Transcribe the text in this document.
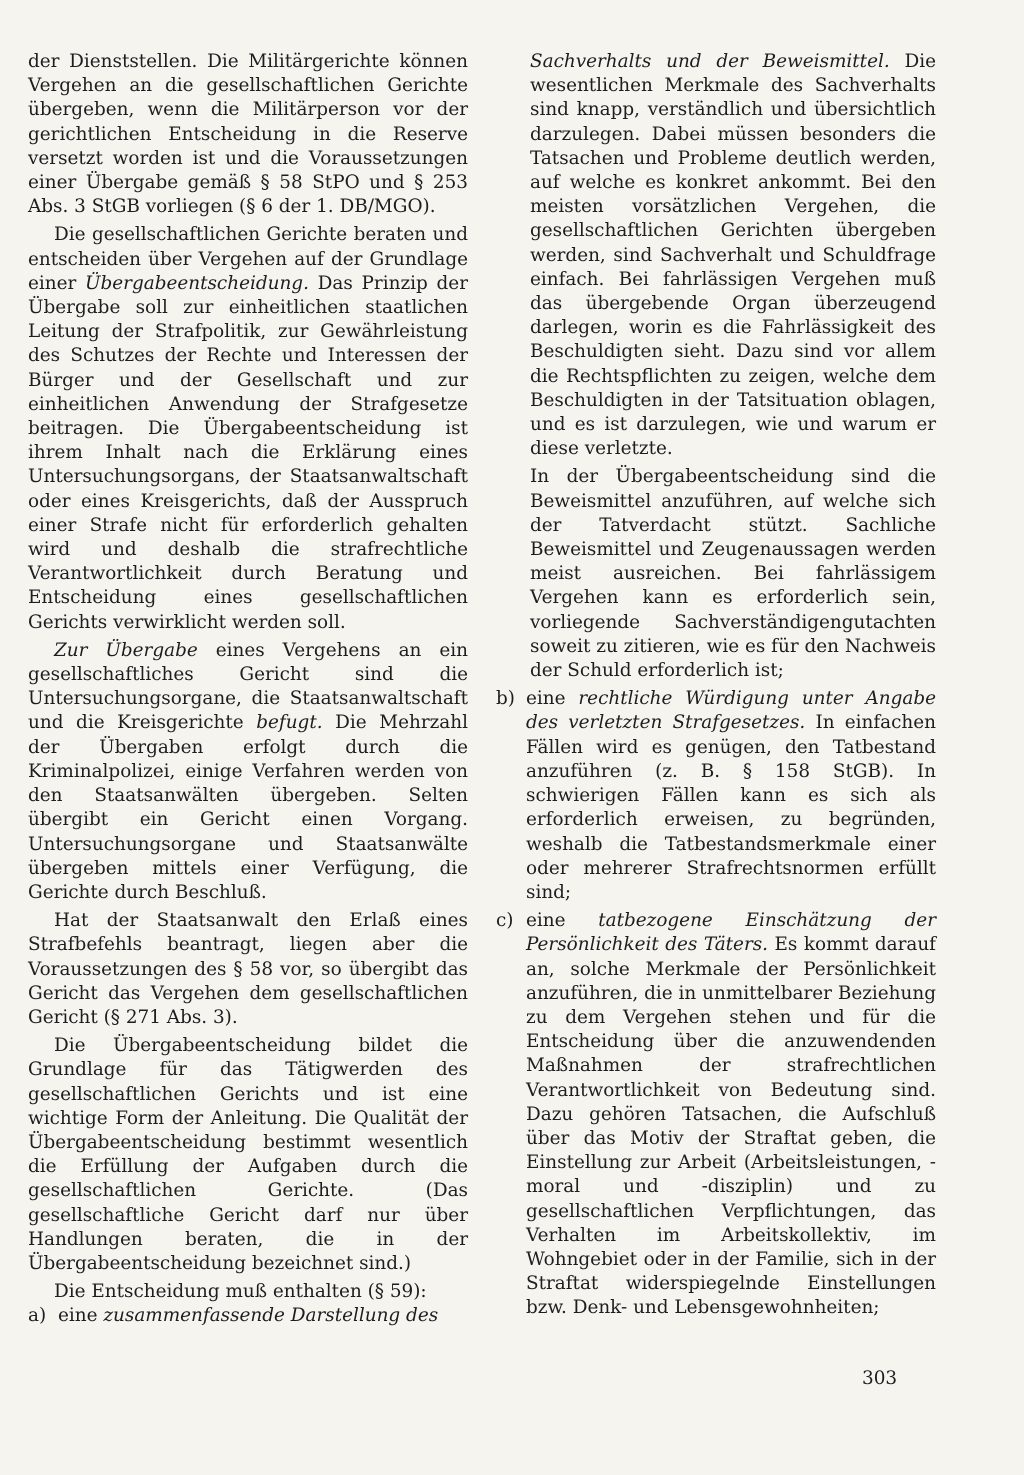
der Dienststellen. Die Militärgerichte können Vergehen an die gesellschaftlichen Gerichte übergeben, wenn die Militärperson vor der gerichtlichen Entscheidung in die Reserve versetzt worden ist und die Voraussetzungen einer Übergabe gemäß § 58 StPO und § 253 Abs. 3 StGB vorliegen (§ 6 der 1. DB/MGO).

Die gesellschaftlichen Gerichte beraten und entscheiden über Vergehen auf der Grundlage einer Übergabeentscheidung. Das Prinzip der Übergabe soll zur einheitlichen staatlichen Leitung der Strafpolitik, zur Gewährleistung des Schutzes der Rechte und Interessen der Bürger und der Gesellschaft und zur einheitlichen Anwendung der Strafgesetze beitragen. Die Übergabeentscheidung ist ihrem Inhalt nach die Erklärung eines Untersuchungsorgans, der Staatsanwaltschaft oder eines Kreisgerichts, daß der Ausspruch einer Strafe nicht für erforderlich gehalten wird und deshalb die strafrechtliche Verantwortlichkeit durch Beratung und Entscheidung eines gesellschaftlichen Gerichts verwirklicht werden soll.

Zur Übergabe eines Vergehens an ein gesellschaftliches Gericht sind die Untersuchungsorgane, die Staatsanwaltschaft und die Kreisgerichte befugt. Die Mehrzahl der Übergaben erfolgt durch die Kriminalpolizei, einige Verfahren werden von den Staatsanwälten übergeben. Selten übergibt ein Gericht einen Vorgang. Untersuchungsorgane und Staatsanwälte übergeben mittels einer Verfügung, die Gerichte durch Beschluß.

Hat der Staatsanwalt den Erlaß eines Strafbefehls beantragt, liegen aber die Voraussetzungen des § 58 vor, so übergibt das Gericht das Vergehen dem gesellschaftlichen Gericht (§ 271 Abs. 3).

Die Übergabeentscheidung bildet die Grundlage für das Tätigwerden des gesellschaftlichen Gerichts und ist eine wichtige Form der Anleitung. Die Qualität der Übergabeentscheidung bestimmt wesentlich die Erfüllung der Aufgaben durch die gesellschaftlichen Gerichte. (Das gesellschaftliche Gericht darf nur über Handlungen beraten, die in der Übergabeentscheidung bezeichnet sind.)

Die Entscheidung muß enthalten (§ 59):

a) eine zusammenfassende Darstellung des

Sachverhalts und der Beweismittel. Die wesentlichen Merkmale des Sachverhalts sind knapp, verständlich und übersichtlich darzulegen. Dabei müssen besonders die Tatsachen und Probleme deutlich werden, auf welche es konkret ankommt. Bei den meisten vorsätzlichen Vergehen, die gesellschaftlichen Gerichten übergeben werden, sind Sachverhalt und Schuldfrage einfach. Bei fahrlässigen Vergehen muß das übergebende Organ überzeugend darlegen, worin es die Fahrlässigkeit des Beschuldigten sieht. Dazu sind vor allem die Rechtspflichten zu zeigen, welche dem Beschuldigten in der Tatsituation oblagen, und es ist darzulegen, wie und warum er diese verletzte.

In der Übergabeentscheidung sind die Beweismittel anzuführen, auf welche sich der Tatverdacht stützt. Sachliche Beweismittel und Zeugenaussagen werden meist ausreichen. Bei fahrlässigem Vergehen kann es erforderlich sein, vorliegende Sachverständigengutachten soweit zu zitieren, wie es für den Nachweis der Schuld erforderlich ist;

b) eine rechtliche Würdigung unter Angabe des verletzten Strafgesetzes. In einfachen Fällen wird es genügen, den Tatbestand anzuführen (z. B. § 158 StGB). In schwierigen Fällen kann es sich als erforderlich erweisen, zu begründen, weshalb die Tatbestandsmerkmale einer oder mehrerer Strafrechtsnormen erfüllt sind;
c) eine tatbezogene Einschätzung der Persönlichkeit des Täters. Es kommt darauf an, solche Merkmale der Persönlichkeit anzuführen, die in unmittelbarer Beziehung zu dem Vergehen stehen und für die Entscheidung über die anzuwendenden Maßnahmen der strafrechtlichen Verantwortlichkeit von Bedeutung sind. Dazu gehören Tatsachen, die Aufschluß über das Motiv der Straftat geben, die Einstellung zur Arbeit (Arbeitsleistungen, -moral und -disziplin) und zu gesellschaftlichen Verpflichtungen, das Verhalten im Arbeitskollektiv, im Wohngebiet oder in der Familie, sich in der Straftat widerspiegelnde Einstellungen bzw. Denk- und Lebensgewohnheiten;
303
